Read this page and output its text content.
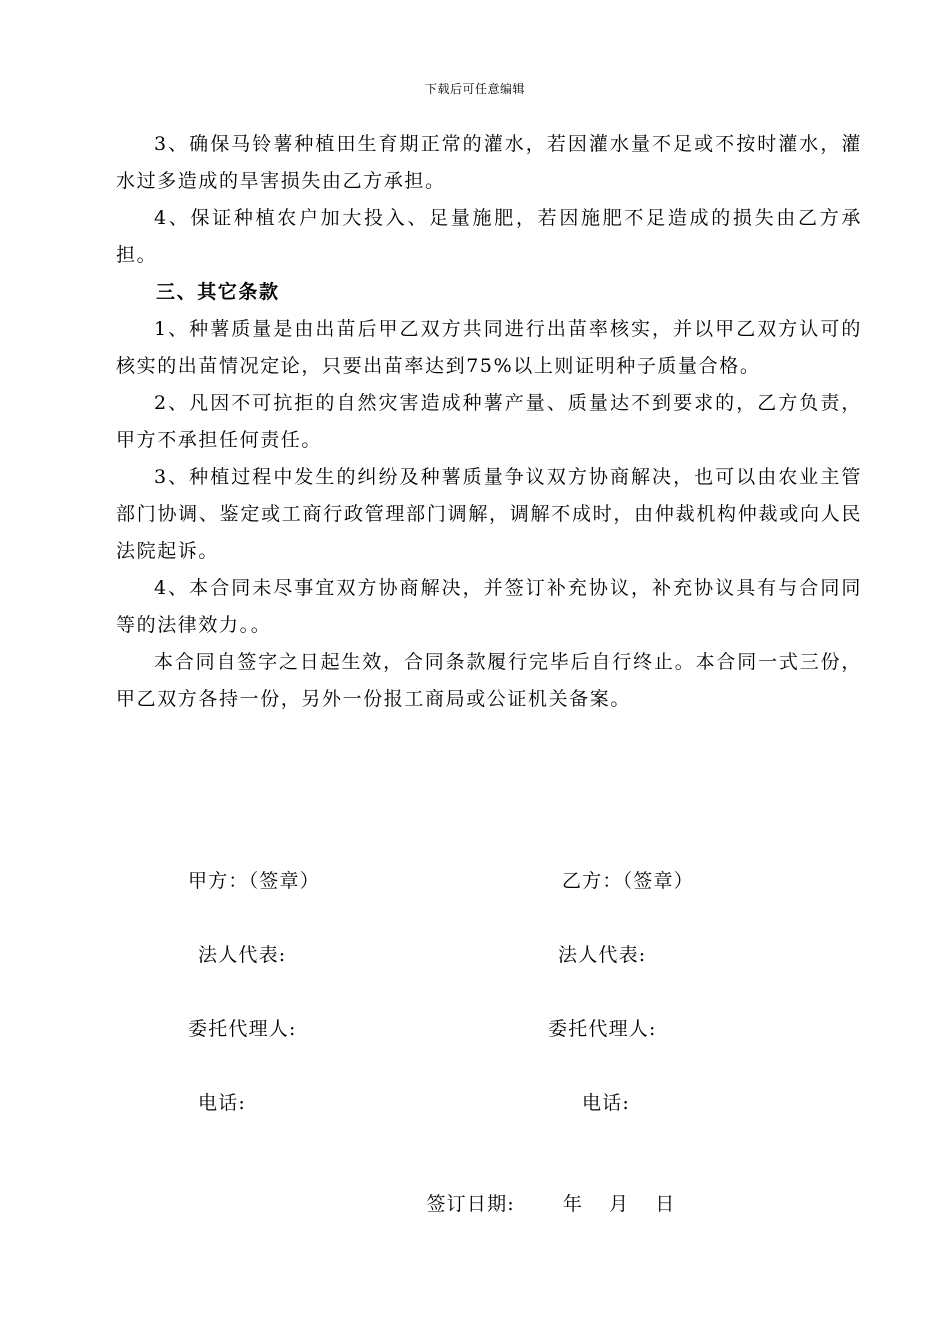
下载后可任意编辑

3、确保马铃薯种植田生育期正常的灌水，若因灌水量不足或不按时灌水，灌水过多造成的旱害损失由乙方承担。

4、保证种植农户加大投入、足量施肥，若因施肥不足造成的损失由乙方承担。

三、其它条款

1、种薯质量是由出苗后甲乙双方共同进行出苗率核实，并以甲乙双方认可的核实的出苗情况定论，只要出苗率达到75%以上则证明种子质量合格。

2、凡因不可抗拒的自然灾害造成种薯产量、质量达不到要求的，乙方负责，甲方不承担任何责任。

3、种植过程中发生的纠纷及种薯质量争议双方协商解决，也可以由农业主管部门协调、鉴定或工商行政管理部门调解，调解不成时，由仲裁机构仲裁或向人民法院起诉。

4、本合同未尽事宜双方协商解决，并签订补充协议，补充协议具有与合同同等的法律效力。。

本合同自签字之日起生效，合同条款履行完毕后自行终止。本合同一式三份，甲乙双方各持一份，另外一份报工商局或公证机关备案。

甲方：（签章）	乙方：（签章）
法人代表:	法人代表:
委托代理人:	委托代理人:
电话:	电话:

签订日期:	年 月 日
